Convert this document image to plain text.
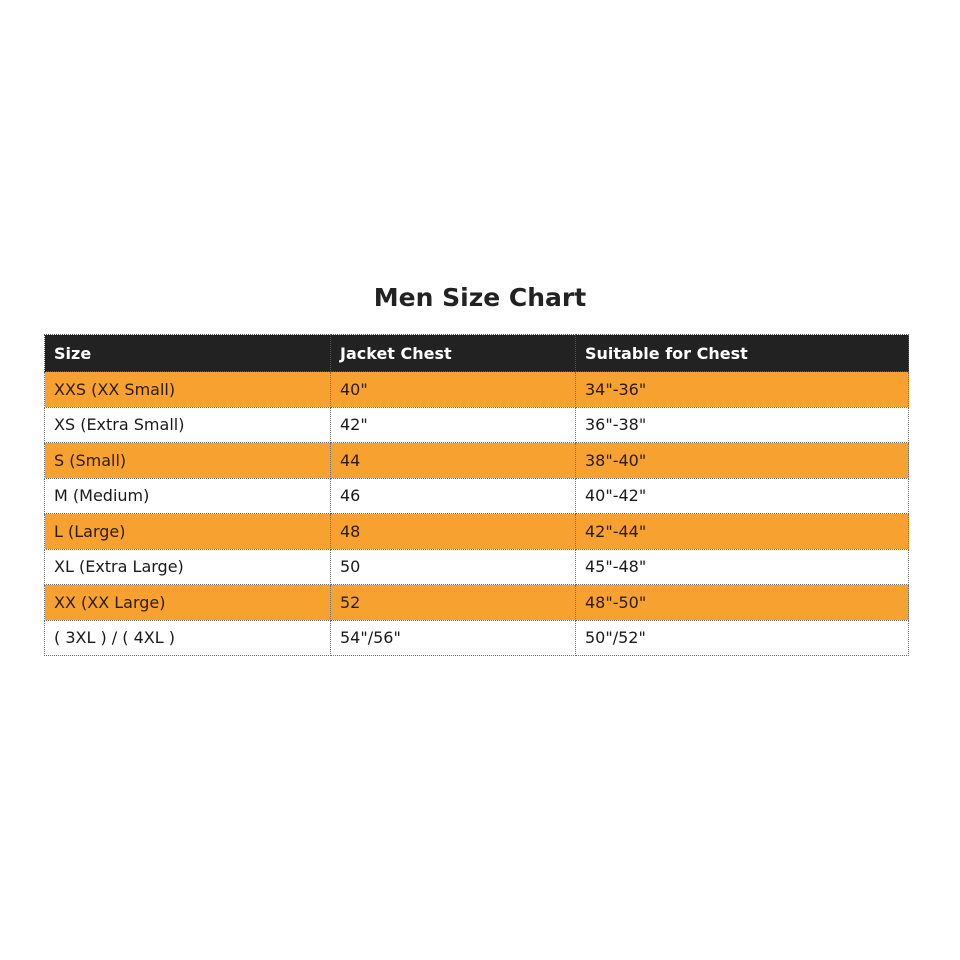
Men Size Chart
Size	Jacket Chest	Suitable for Chest
XXS (XX Small)	40"	34"-36"
XS (Extra Small)	42"	36"-38"
S (Small)	44	38"-40"
M (Medium)	46	40"-42"
L (Large)	48	42"-44"
XL (Extra Large)	50	45"-48"
XX (XX Large)	52	48"-50"
( 3XL ) / ( 4XL )	54"/56"	50"/52"
